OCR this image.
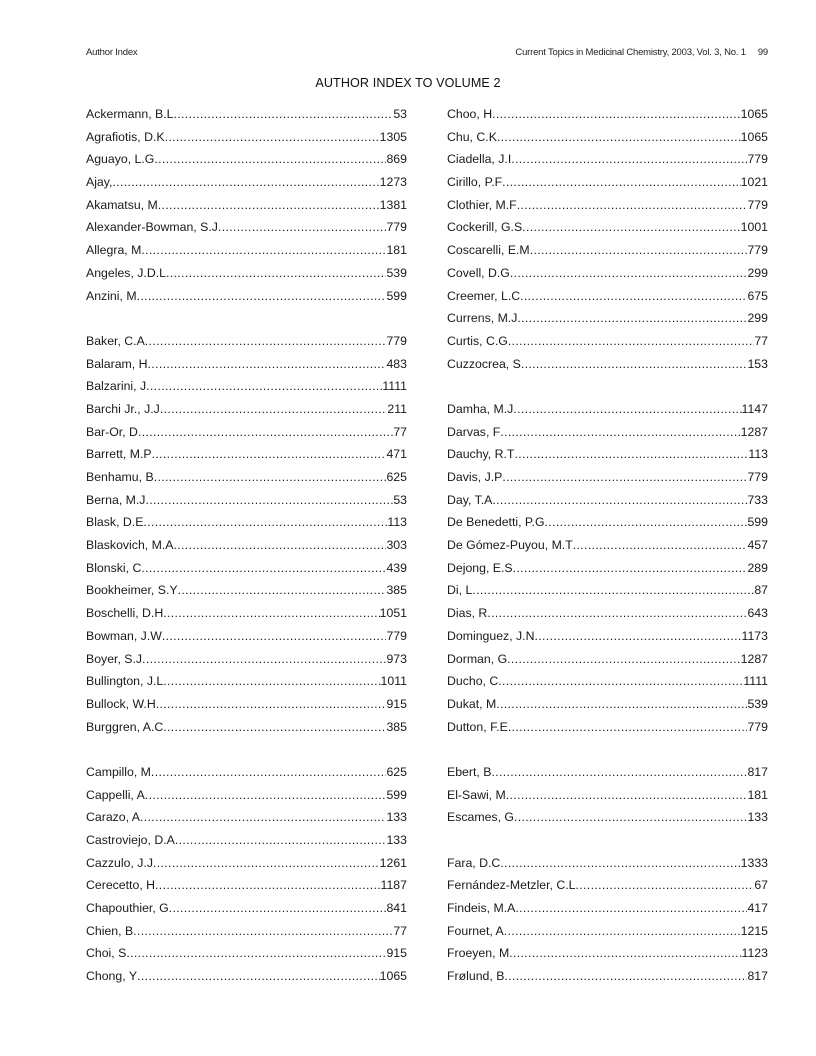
Author Index	Current Topics in Medicinal Chemistry, 2003, Vol. 3, No. 1 99
AUTHOR INDEX TO VOLUME 2
Ackermann, B.L .....	53
Agrafiotis, D.K .....	1305
Aguayo, L.G .....	869
Ajay, .....	1273
Akamatsu, M .....	1381
Alexander-Bowman, S.J .....	779
Allegra, M .....	181
Angeles, J.D.L .....	539
Anzini, M .....	599
Baker, C.A .....	779
Balaram, H .....	483
Balzarini, J .....	1111
Barchi Jr., J.J .....	211
Bar-Or, D .....	77
Barrett, M.P .....	471
Benhamu, B .....	625
Berna, M.J .....	53
Blask, D.E .....	113
Blaskovich, M.A .....	303
Blonski, C .....	439
Bookheimer, S.Y .....	385
Boschelli, D.H .....	1051
Bowman, J.W .....	779
Boyer, S.J .....	973
Bullington, J.L .....	1011
Bullock, W.H .....	915
Burggren, A.C .....	385
Campillo, M .....	625
Cappelli, A .....	599
Carazo, A .....	133
Castroviejo, D.A .....	133
Cazzulo, J.J .....	1261
Cerecetto, H .....	1187
Chapouthier, G .....	841
Chien, B .....	77
Choi, S .....	915
Chong, Y .....	1065
Choo, H .....	1065
Chu, C.K .....	1065
Ciadella, J.I .....	779
Cirillo, P.F .....	1021
Clothier, M.F .....	779
Cockerill, G.S .....	1001
Coscarelli, E.M .....	779
Covell, D.G .....	299
Creemer, L.C .....	675
Currens, M.J .....	299
Curtis, C.G .....	77
Cuzzocrea, S .....	153
Damha, M.J .....	1147
Darvas, F .....	1287
Dauchy, R.T .....	113
Davis, J.P .....	779
Day, T.A .....	733
De Benedetti, P.G .....	599
De Gómez-Puyou, M.T .....	457
Dejong, E.S .....	289
Di, L .....	87
Dias, R .....	643
Dominguez, J.N .....	1173
Dorman, G .....	1287
Ducho, C .....	1111
Dukat, M .....	539
Dutton, F.E .....	779
Ebert, B .....	817
El-Sawi, M .....	181
Escames, G .....	133
Fara, D.C .....	1333
Fernández-Metzler, C.L .....	67
Findeis, M.A .....	417
Fournet, A .....	1215
Froeyen, M .....	1123
Frølund, B .....	817
